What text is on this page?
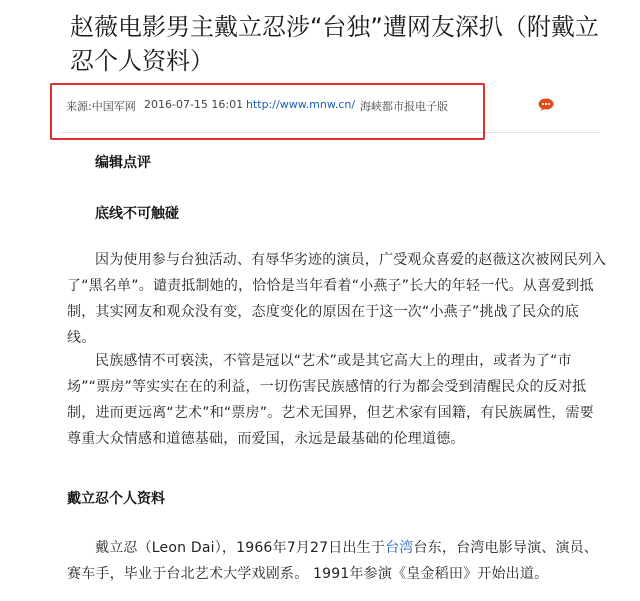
赵薇电影男主戴立忍涉“台独”遭网友深扒（附戴立忍个人资料）
来源:中国军网 2016-07-15 16:01 http://www.mnw.cn/ 海峡都市报电子版

编辑点评

底线不可触碰

因为使用参与台独活动、有辱华劣迹的演员，广受观众喜爱的赵薇这次被网民列入了“黑名单”。谴责抵制她的，恰恰是当年看着“小燕子”长大的年轻一代。从喜爱到抵制，其实网友和观众没有变，态度变化的原因在于这一次“小燕子”挑战了民众的底线。

民族感情不可亵渎，不管是冠以“艺术”或是其它高大上的理由，或者为了“市场”“票房”等实实在在的利益，一切伤害民族感情的行为都会受到清醒民众的反对抵制，进而更远离“艺术”和“票房”。艺术无国界，但艺术家有国籍，有民族属性，需要尊重大众情感和道德基础，而爱国，永远是最基础的伦理道德。

戴立忍个人资料

戴立忍（Leon Dai），1966年7月27日出生于台湾台东，台湾电影导演、演员、赛车手，毕业于台北艺术大学戏剧系。 1991年参演《皇金稻田》开始出道。
